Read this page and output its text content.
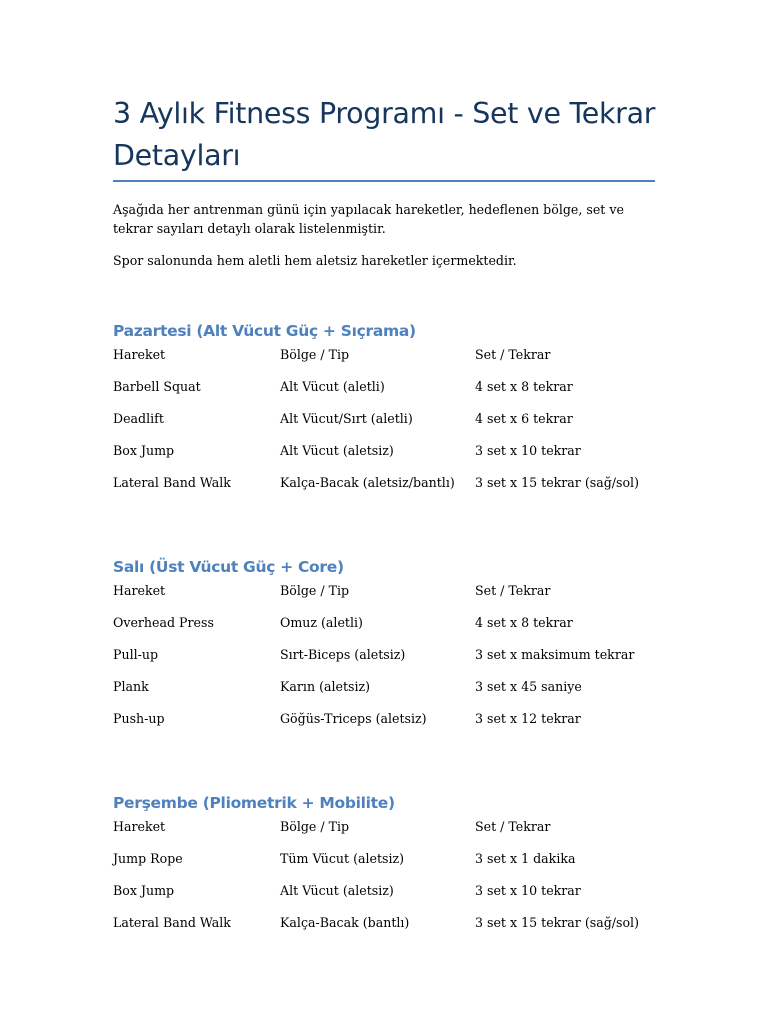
3 Aylık Fitness Programı - Set ve Tekrar Detayları
Aşağıda her antrenman günü için yapılacak hareketler, hedeflenen bölge, set ve tekrar sayıları detaylı olarak listelenmiştir.
Spor salonunda hem aletli hem aletsiz hareketler içermektedir.
Pazartesi (Alt Vücut Güç + Sıçrama)
Hareket	Bölge / Tip	Set / Tekrar
Barbell Squat	Alt Vücut (aletli)	4 set x 8 tekrar
Deadlift	Alt Vücut/Sırt (aletli)	4 set x 6 tekrar
Box Jump	Alt Vücut (aletsiz)	3 set x 10 tekrar
Lateral Band Walk	Kalça-Bacak (aletsiz/bantlı) 3 set x 15 tekrar (sağ/sol)
Salı (Üst Vücut Güç + Core)
Hareket	Bölge / Tip	Set / Tekrar
Overhead Press	Omuz (aletli)	4 set x 8 tekrar
Pull-up	Sırt-Biceps (aletsiz)	3 set x maksimum tekrar
Plank	Karın (aletsiz)	3 set x 45 saniye
Push-up	Göğüs-Triceps (aletsiz)	3 set x 12 tekrar
Perşembe (Pliometrik + Mobilite)
Hareket	Bölge / Tip	Set / Tekrar
Jump Rope	Tüm Vücut (aletsiz)	3 set x 1 dakika
Box Jump	Alt Vücut (aletsiz)	3 set x 10 tekrar
Lateral Band Walk	Kalça-Bacak (bantlı)	3 set x 15 tekrar (sağ/sol)
